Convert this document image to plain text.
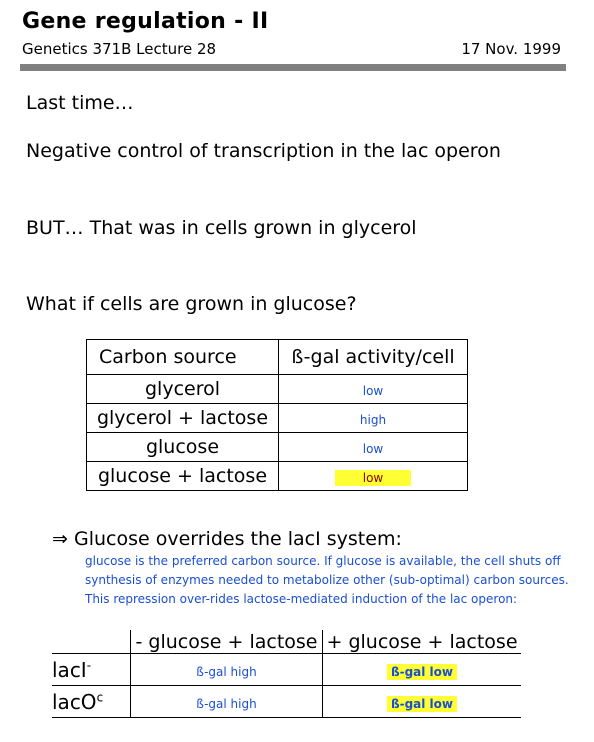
Gene regulation - II
Genetics 371B Lecture 28	17 Nov. 1999
Last time…
Negative control of transcription in the lac operon
BUT… That was in cells grown in glycerol
What if cells are grown in glucose?
Carbon source	ß-gal activity/cell
glycerol	low
glycerol + lactose	high
glucose	low
glucose + lactose	low
⇒ Glucose overrides the lacI system:
glucose is the preferred carbon source. If glucose is available, the cell shuts off synthesis of enzymes needed to metabolize other (sub-optimal) carbon sources. This repression over-rides lactose-mediated induction of the lac operon:
	- glucose + lactose	+ glucose + lactose
lacI-	ß-gal high	ß-gal low
lacO$^c$	ß-gal high	ß-gal low
